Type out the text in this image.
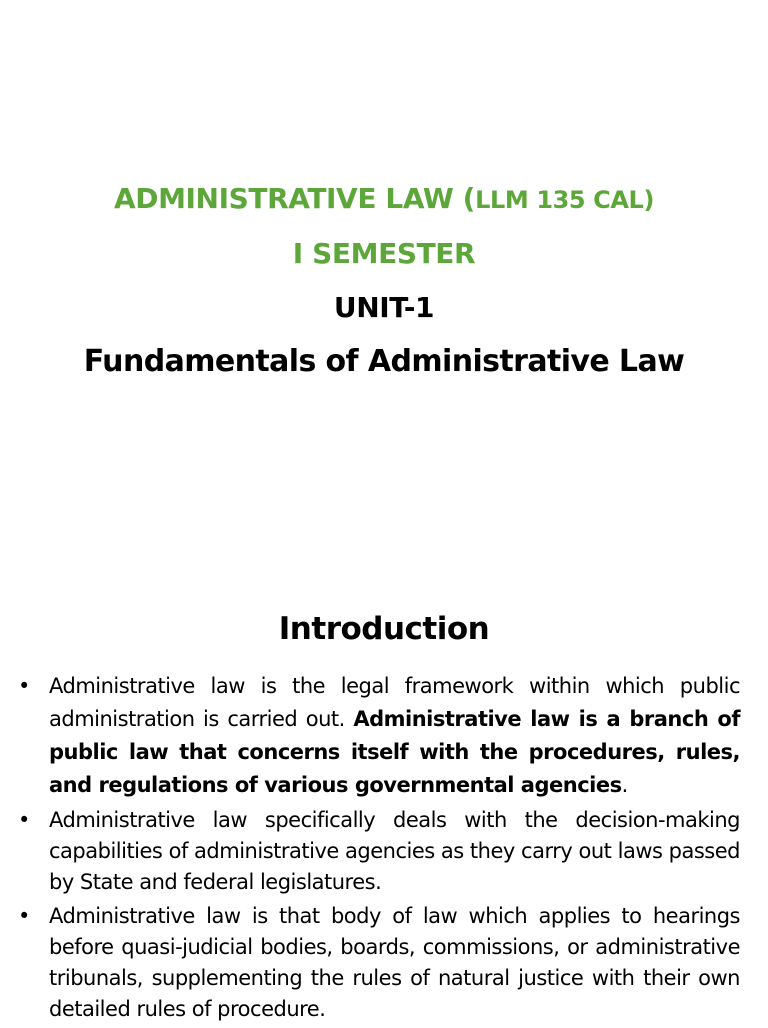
ADMINISTRATIVE LAW (LLM 135 CAL)
I SEMESTER
UNIT-1
Fundamentals of Administrative Law
Introduction
• Administrative law is the legal framework within which public administration is carried out. Administrative law is a branch of public law that concerns itself with the procedures, rules, and regulations of various governmental agencies.
• Administrative law specifically deals with the decision-making capabilities of administrative agencies as they carry out laws passed by State and federal legislatures.
• Administrative law is that body of law which applies to hearings before quasi-judicial bodies, boards, commissions, or administrative tribunals, supplementing the rules of natural justice with their own detailed rules of procedure.
